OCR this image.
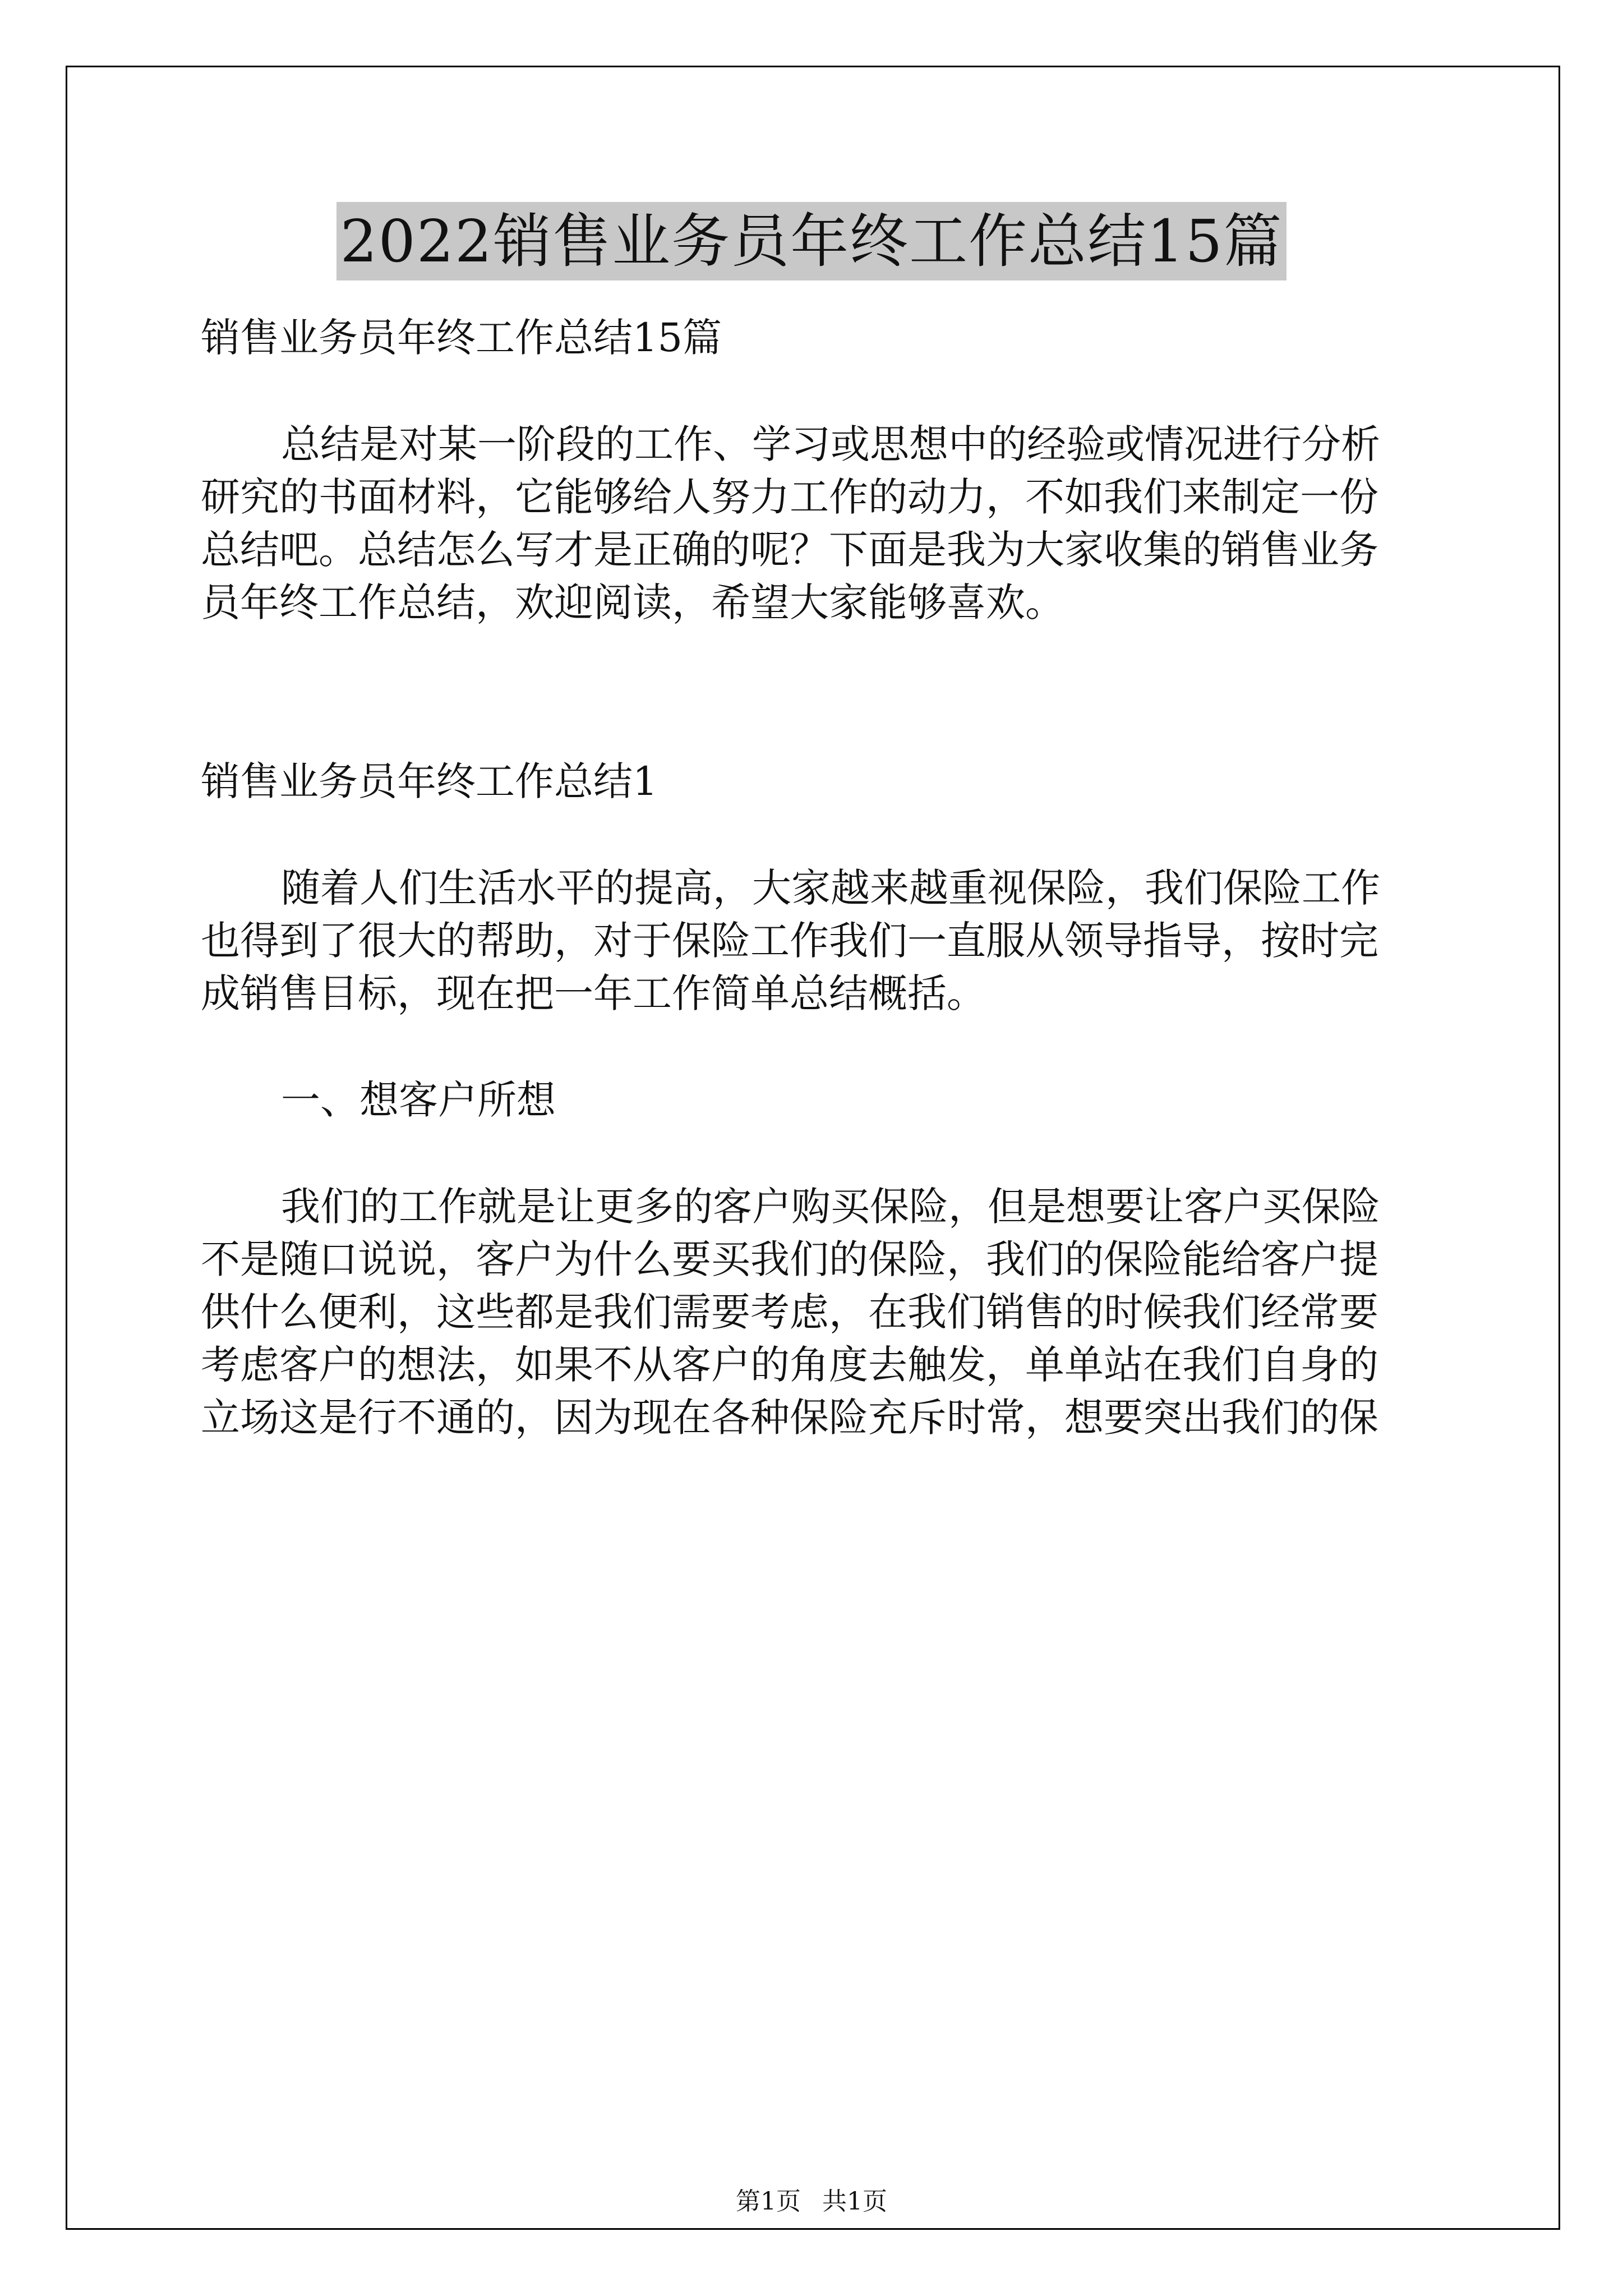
2022销售业务员年终工作总结15篇

销售业务员年终工作总结15篇

总结是对某一阶段的工作、学习或思想中的经验或情况进行分析

研究的书面材料，它能够给人努力工作的动力，不如我们来制定一份

总结吧。总结怎么写才是正确的呢？下面是我为大家收集的销售业务

员年终工作总结，欢迎阅读，希望大家能够喜欢。

销售业务员年终工作总结1

随着人们生活水平的提高，大家越来越重视保险，我们保险工作

也得到了很大的帮助，对于保险工作我们一直服从领导指导，按时完

成销售目标，现在把一年工作简单总结概括。

一、想客户所想

我们的工作就是让更多的客户购买保险，但是想要让客户买保险

不是随口说说，客户为什么要买我们的保险，我们的保险能给客户提

供什么便利，这些都是我们需要考虑，在我们销售的时候我们经常要

考虑客户的想法，如果不从客户的角度去触发，单单站在我们自身的

立场这是行不通的，因为现在各种保险充斥时常，想要突出我们的保

第1页 共1页
